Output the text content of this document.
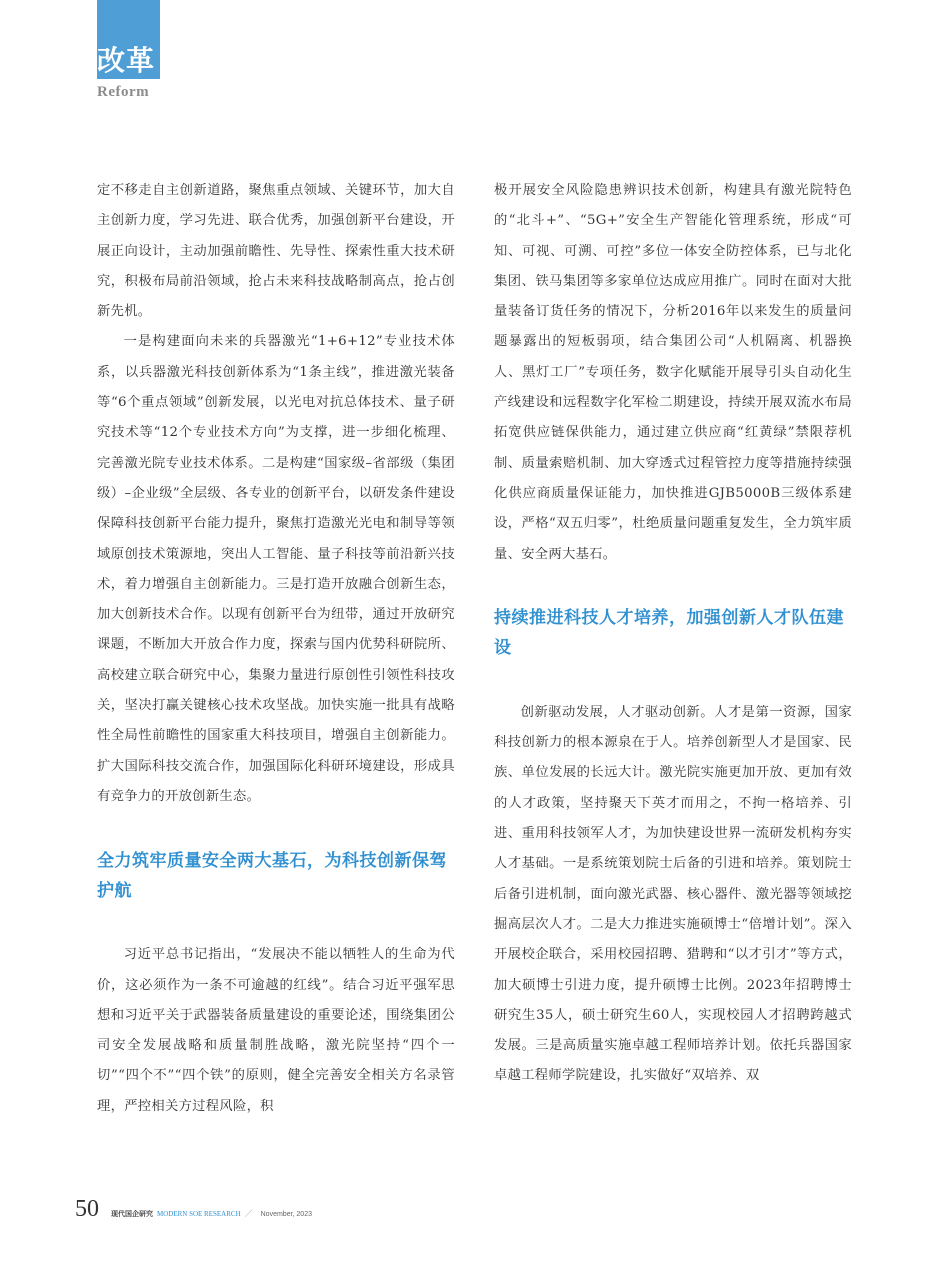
改革
Reform

定不移走自主创新道路，聚焦重点领域、关键环节，加大自主创新力度，学习先进、联合优秀，加强创新平台建设，开展正向设计，主动加强前瞻性、先导性、探索性重大技术研究，积极布局前沿领域，抢占未来科技战略制高点，抢占创新先机。

一是构建面向未来的兵器激光“1+6+12”专业技术体系，以兵器激光科技创新体系为“1条主线”，推进激光装备等“6个重点领域”创新发展，以光电对抗总体技术、量子研究技术等“12个专业技术方向”为支撑，进一步细化梳理、完善激光院专业技术体系。二是构建“国家级–省部级（集团级）–企业级”全层级、各专业的创新平台，以研发条件建设保障科技创新平台能力提升，聚焦打造激光光电和制导等领域原创技术策源地，突出人工智能、量子科技等前沿新兴技术，着力增强自主创新能力。三是打造开放融合创新生态，加大创新技术合作。以现有创新平台为纽带，通过开放研究课题，不断加大开放合作力度，探索与国内优势科研院所、高校建立联合研究中心，集聚力量进行原创性引领性科技攻关，坚决打赢关键核心技术攻坚战。加快实施一批具有战略性全局性前瞻性的国家重大科技项目，增强自主创新能力。扩大国际科技交流合作，加强国际化科研环境建设，形成具有竞争力的开放创新生态。

全力筑牢质量安全两大基石，为科技创新保驾护航

习近平总书记指出，“发展决不能以牺牲人的生命为代价，这必须作为一条不可逾越的红线”。结合习近平强军思想和习近平关于武器装备质量建设的重要论述，围绕集团公司安全发展战略和质量制胜战略，激光院坚持“四个一切”“四个不”“四个铁”的原则，健全完善安全相关方名录管理，严控相关方过程风险，积

极开展安全风险隐患辨识技术创新，构建具有激光院特色的“北斗+”、“5G+”安全生产智能化管理系统，形成“可知、可视、可溯、可控”多位一体安全防控体系，已与北化集团、铁马集团等多家单位达成应用推广。同时在面对大批量装备订货任务的情况下，分析2016年以来发生的质量问题暴露出的短板弱项，结合集团公司“人机隔离、机器换人、黑灯工厂”专项任务，数字化赋能开展导引头自动化生产线建设和远程数字化军检二期建设，持续开展双流水布局拓宽供应链保供能力，通过建立供应商“红黄绿”禁限荐机制、质量索赔机制、加大穿透式过程管控力度等措施持续强化供应商质量保证能力，加快推进GJB5000B三级体系建设，严格“双五归零”，杜绝质量问题重复发生，全力筑牢质量、安全两大基石。

持续推进科技人才培养，加强创新人才队伍建设

创新驱动发展，人才驱动创新。人才是第一资源，国家科技创新力的根本源泉在于人。培养创新型人才是国家、民族、单位发展的长远大计。激光院实施更加开放、更加有效的人才政策，坚持聚天下英才而用之，不拘一格培养、引进、重用科技领军人才，为加快建设世界一流研发机构夯实人才基础。一是系统策划院士后备的引进和培养。策划院士后备引进机制，面向激光武器、核心器件、激光器等领域挖掘高层次人才。二是大力推进实施硕博士“倍增计划”。深入开展校企联合，采用校园招聘、猎聘和“以才引才”等方式，加大硕博士引进力度，提升硕博士比例。2023年招聘博士研究生35人，硕士研究生60人，实现校园人才招聘跨越式发展。三是高质量实施卓越工程师培养计划。依托兵器国家卓越工程师学院建设，扎实做好“双培养、双

50 现代国企研究 MODERN SOE RESEARCH ／ November, 2023
